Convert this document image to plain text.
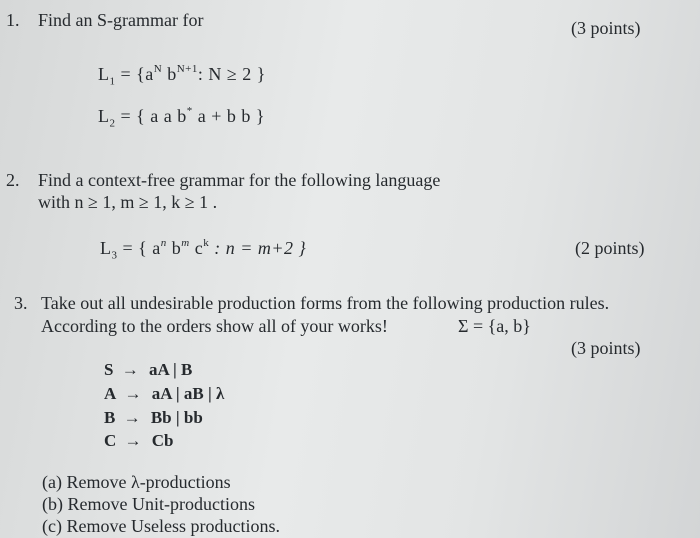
1. Find an S-grammar for	(3 points)
$L_1 = \{a^N$ $b^{N+1}$: N ≥ 2 }
$L_2$ = { a a b* a + b b }
2. Find a context-free grammar for the following language
with n ≥ 1, m ≥ 1, k ≥ 1 .
$L_3$ = { $a^n$ $b^m$ $c^k$ : n = m+2 }	(2 points)
3. Take out all undesirable production forms from the following production rules.
According to the orders show all of your works!	Σ = {a, b}
(3 points)
S → aA | B
A → aA | aB | λ
B → Bb | bb
C → Cb
(a) Remove λ-productions
(b) Remove Unit-productions
(c) Remove Useless productions.
